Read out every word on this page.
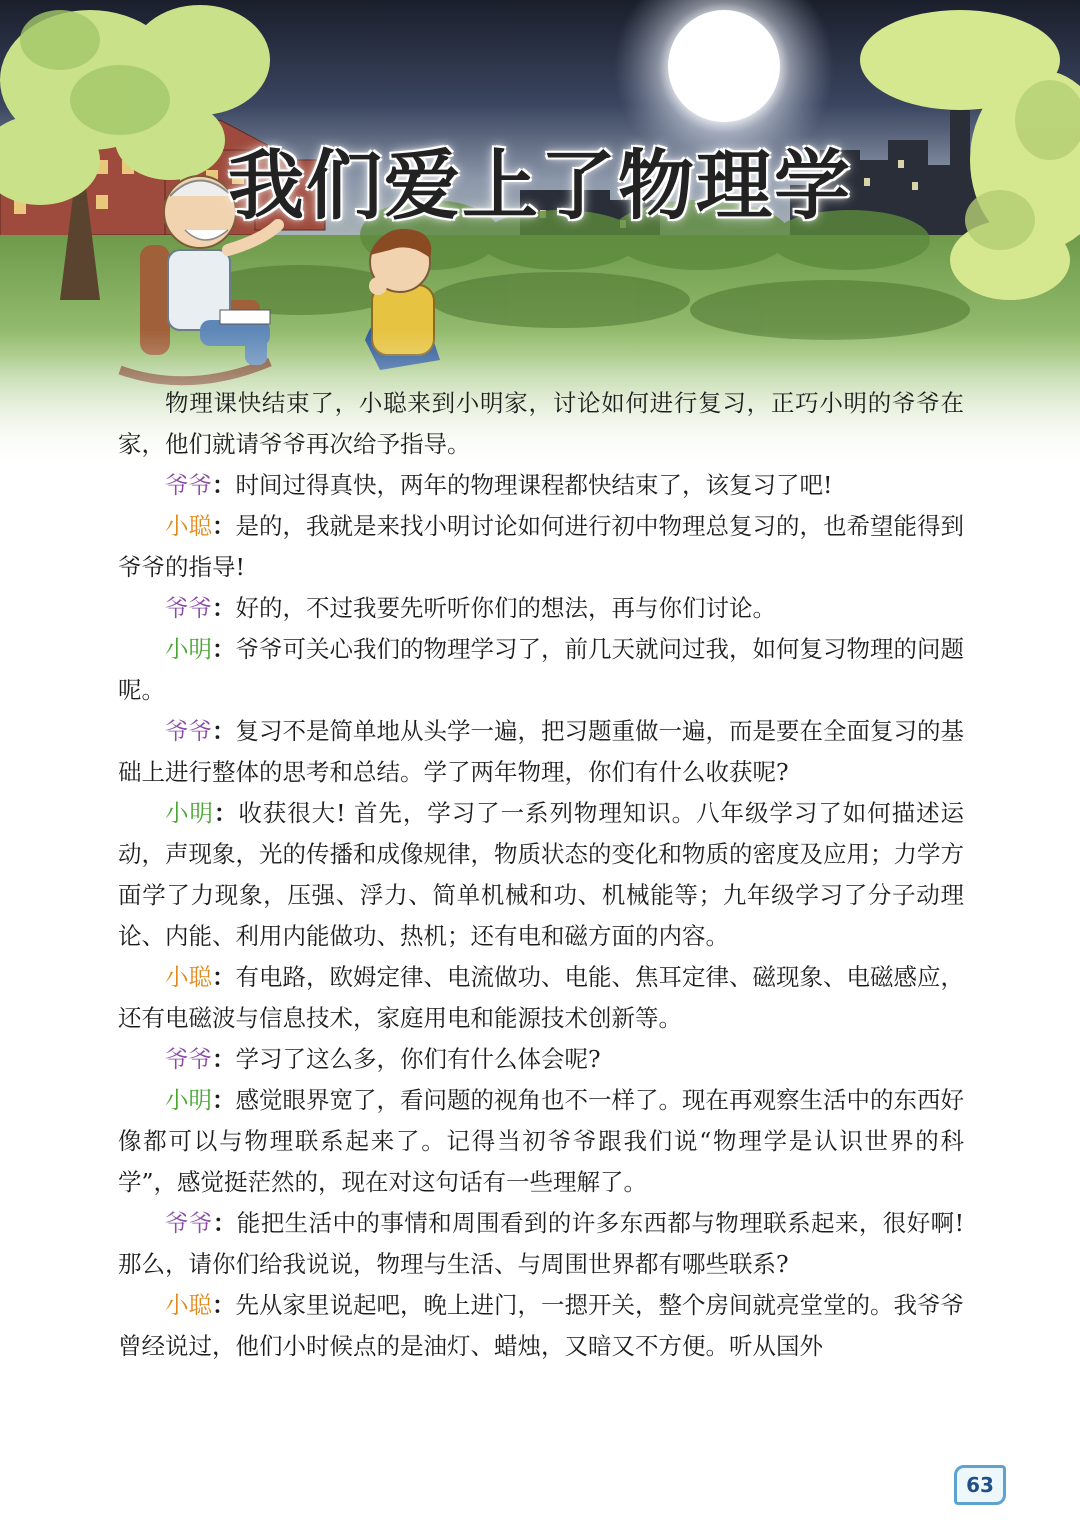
我们爱上了物理学

物理课快结束了，小聪来到小明家，讨论如何进行复习，正巧小明的爷爷在家，他们就请爷爷再次给予指导。

爷爷：时间过得真快，两年的物理课程都快结束了，该复习了吧!

小聪：是的，我就是来找小明讨论如何进行初中物理总复习的，也希望能得到爷爷的指导!

爷爷：好的，不过我要先听听你们的想法，再与你们讨论。

小明：爷爷可关心我们的物理学习了，前几天就问过我，如何复习物理的问题呢。

爷爷：复习不是简单地从头学一遍，把习题重做一遍，而是要在全面复习的基础上进行整体的思考和总结。学了两年物理，你们有什么收获呢?

小明：收获很大! 首先，学习了一系列物理知识。八年级学习了如何描述运动，声现象，光的传播和成像规律，物质状态的变化和物质的密度及应用；力学方面学了力现象，压强、浮力、简单机械和功、机械能等；九年级学习了分子动理论、内能、利用内能做功、热机；还有电和磁方面的内容。

小聪：有电路，欧姆定律、电流做功、电能、焦耳定律、磁现象、电磁感应，还有电磁波与信息技术，家庭用电和能源技术创新等。

爷爷：学习了这么多，你们有什么体会呢?

小明：感觉眼界宽了，看问题的视角也不一样了。现在再观察生活中的东西好像都可以与物理联系起来了。记得当初爷爷跟我们说“物理学是认识世界的科学”，感觉挺茫然的，现在对这句话有一些理解了。

爷爷：能把生活中的事情和周围看到的许多东西都与物理联系起来，很好啊! 那么，请你们给我说说，物理与生活、与周围世界都有哪些联系?

小聪：先从家里说起吧，晚上进门，一摁开关，整个房间就亮堂堂的。我爷爷曾经说过，他们小时候点的是油灯、蜡烛，又暗又不方便。听从国外

63
